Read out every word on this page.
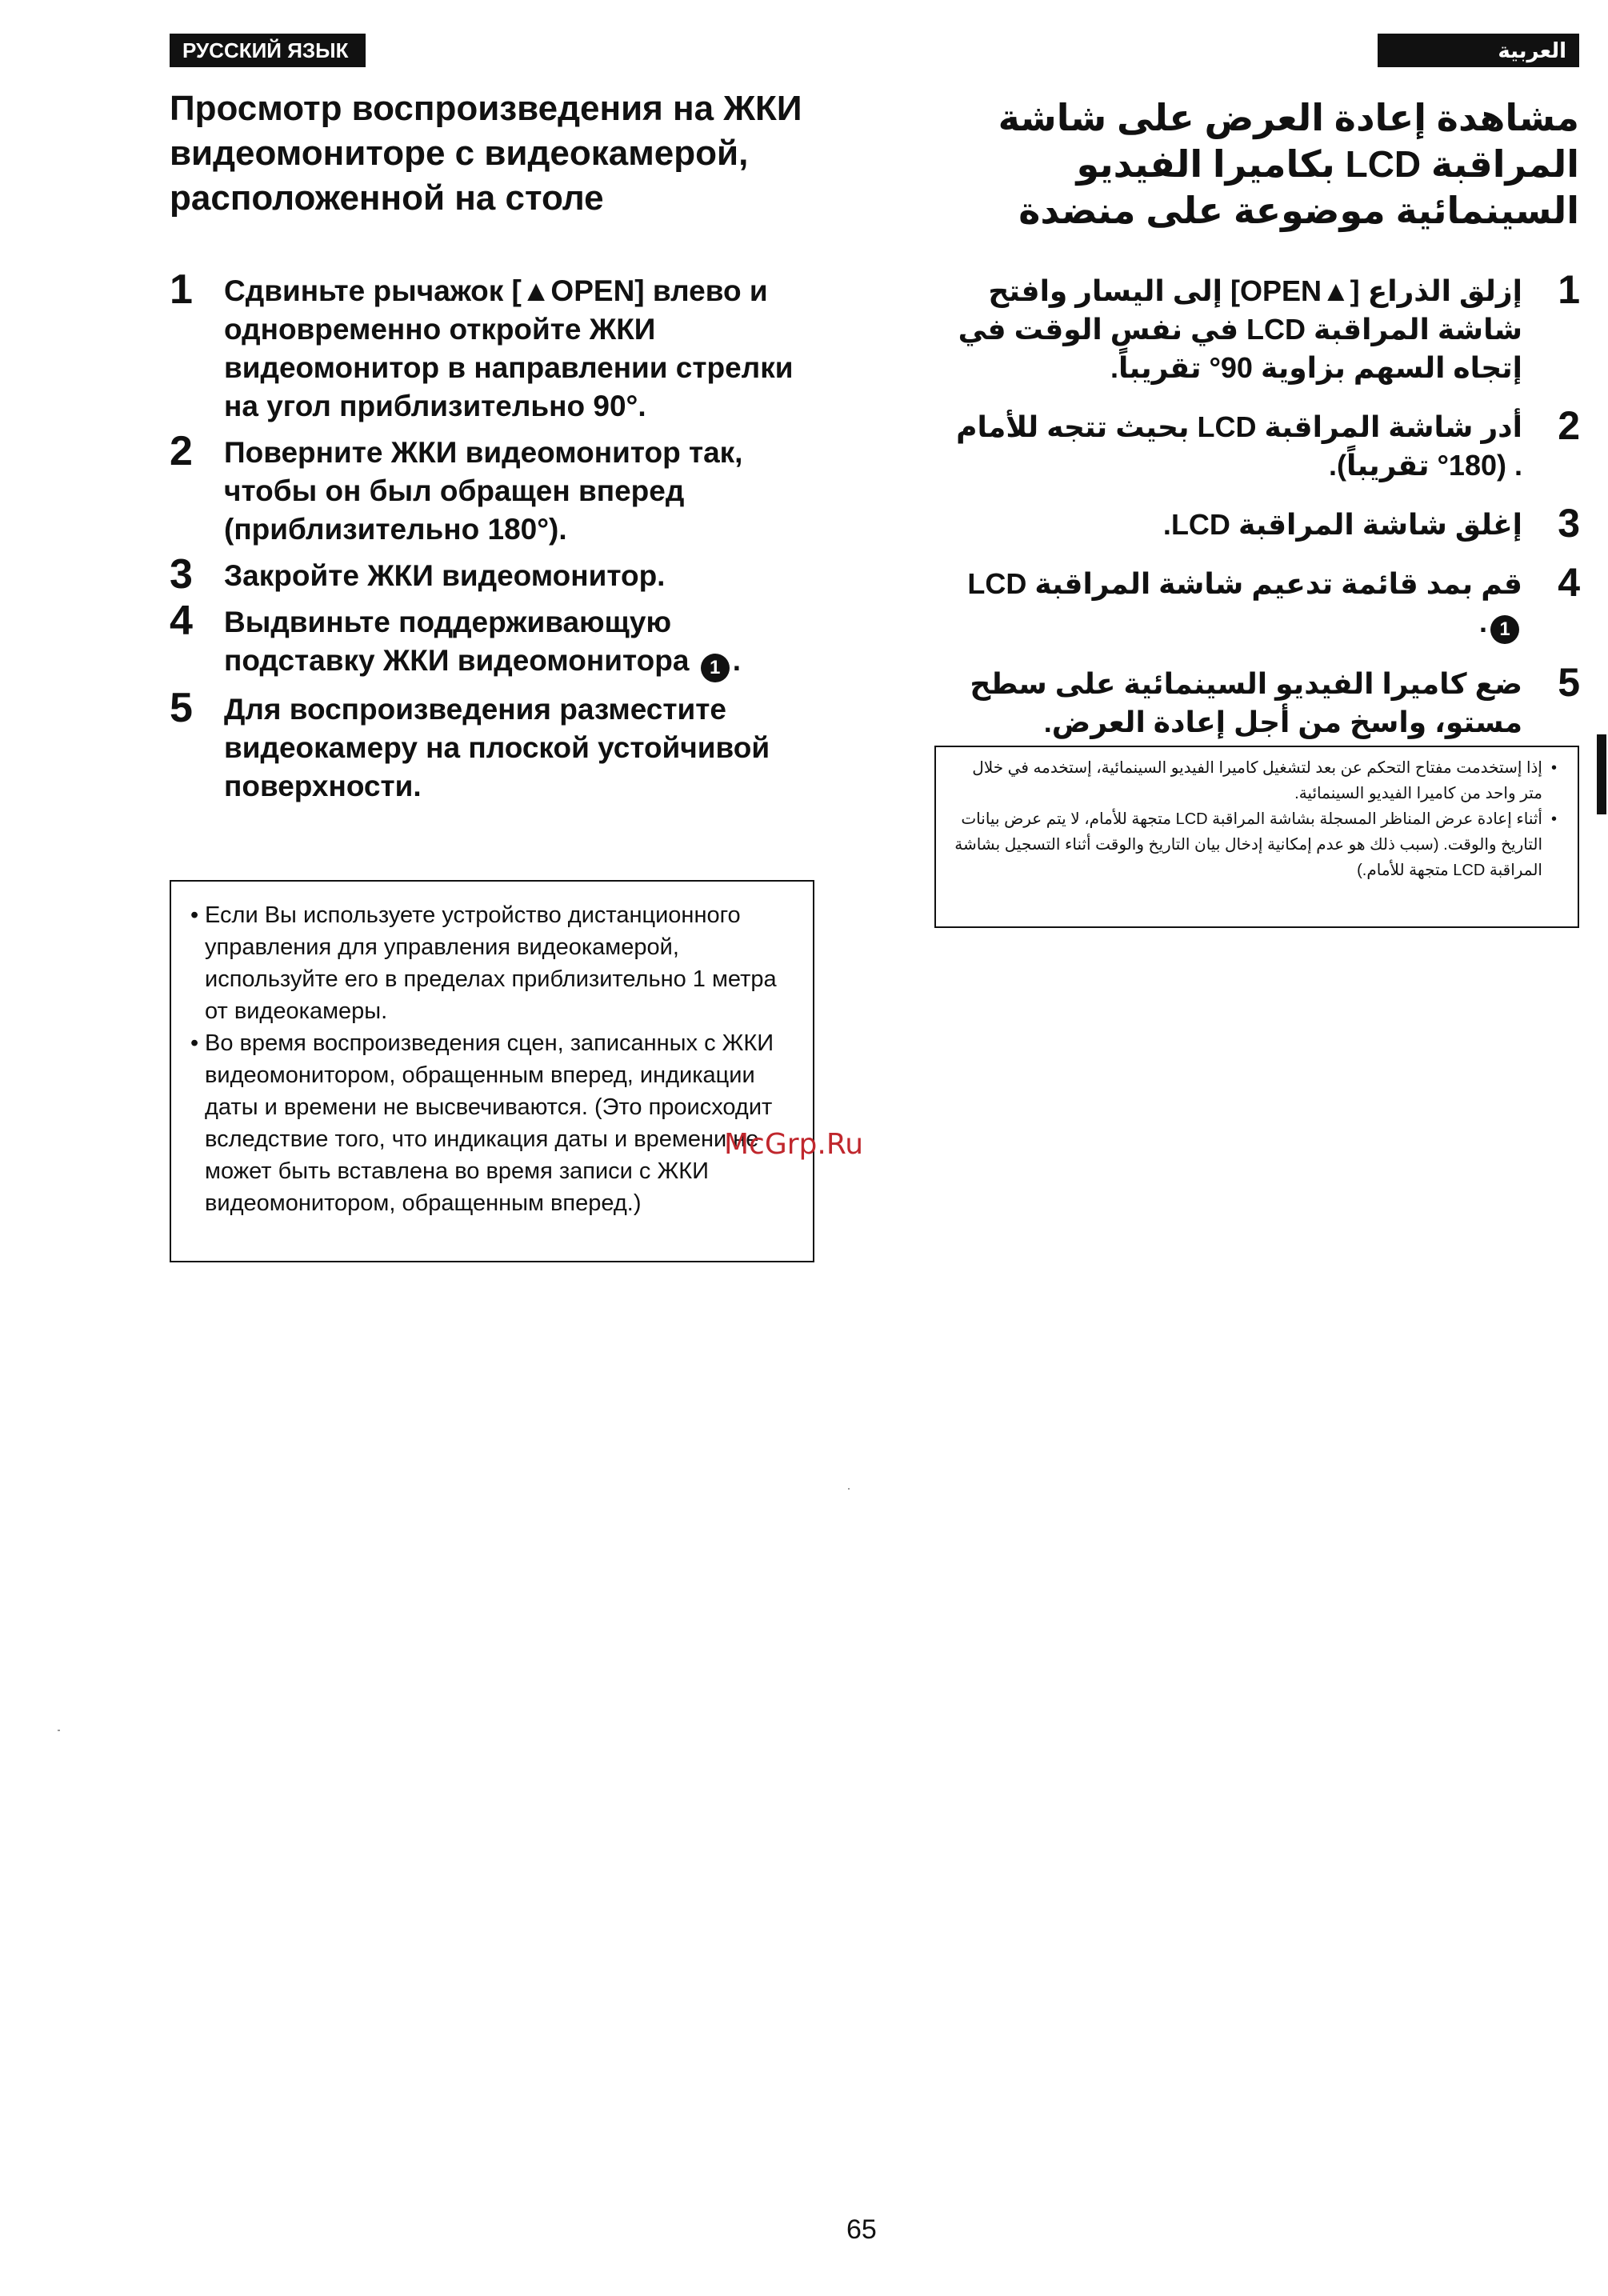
РУССКИЙ ЯЗЫК	العربية
Просмотр воспроизведения на ЖКИ видеомониторе с видеокамерой, расположенной на столе
مشاهدة إعادة العرض على شاشة المراقبة LCD بكاميرا الفيديو السينمائية موضوعة على منضدة
1 Сдвиньте рычажок [▲OPEN] влево и одновременно откройте ЖКИ видеомонитор в направлении стрелки на угол приблизительно 90°.
2 Поверните ЖКИ видеомонитор так, чтобы он был обращен вперед (приблизительно 180°).
3 Закройте ЖКИ видеомонитор.
4 Выдвиньте поддерживающую подставку ЖКИ видеомонитора 1 .
5 Для воспроизведения разместите видеокамеру на плоской устойчивой поверхности.
1
إزلق الذراع [▲OPEN] إلى اليسار وافتح شاشة المراقبة LCD في نفس الوقت في إتجاه السهم بزاوية 90° تقريباً.
2
أدر شاشة المراقبة LCD بحيث تتجه للأمام . (180° تقريباً).
3
إغلق شاشة المراقبة LCD.
4
قم بمد قائمة تدعيم شاشة المراقبة LCD 1.
5
ضع كاميرا الفيديو السينمائية على سطح مستو، واسخ من أجل إعادة العرض.
• Если Вы используете устройство дистанционного управления для управления видеокамерой, используйте его в пределах приблизительно 1 метра от видеокамеры.
• Во время воспроизведения сцен, записанных с ЖКИ видеомонитором, обращенным вперед, индикации даты и времени не высвечиваются. (Это происходит вследствие того, что индикация даты и времени не может быть вставлена во время записи с ЖКИ видеомонитором, обращенным вперед.)
• إذا إستخدمت مفتاح التحكم عن بعد لتشغيل كاميرا الفيديو السينمائية، إستخدمه في خلال متر واحد من كاميرا الفيديو السينمائية.
• أثناء إعادة عرض المناظر المسجلة بشاشة المراقبة LCD متجهة للأمام، لا يتم عرض بيانات التاريخ والوقت. (سبب ذلك هو عدم إمكانية إدخال بيان التاريخ والوقت أثناء التسجيل بشاشة المراقبة LCD متجهة للأمام.)
McGrp.Ru
65
